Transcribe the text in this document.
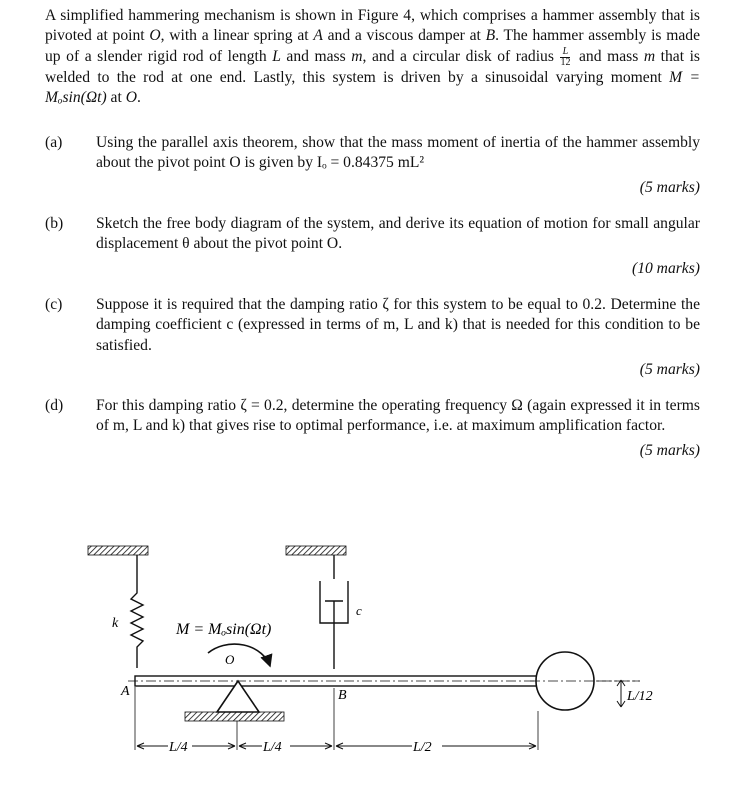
A simplified hammering mechanism is shown in Figure 4, which comprises a hammer assembly that is pivoted at point O, with a linear spring at A and a viscous damper at B. The hammer assembly is made up of a slender rigid rod of length L and mass m, and a circular disk of radius $\frac{L}{12}$ and mass m that is welded to the rod at one end. Lastly, this system is driven by a sinusoidal varying moment M = Mₒsin(Ωt) at O.
(a) Using the parallel axis theorem, show that the mass moment of inertia of the hammer assembly about the pivot point O is given by Iₒ = 0.84375 mL²
(5 marks)
(b) Sketch the free body diagram of the system, and derive its equation of motion for small angular displacement θ about the pivot point O.
(10 marks)
(c) Suppose it is required that the damping ratio ζ for this system to be equal to 0.2. Determine the damping coefficient c (expressed in terms of m, L and k) that is needed for this condition to be satisfied.
(5 marks)
(d) For this damping ratio ζ = 0.2, determine the operating frequency Ω (again expressed it in terms of m, L and k) that gives rise to optimal performance, i.e. at maximum amplification factor.
(5 marks)
k
c
M = Mₒsin(Ωt)
O
A	B	L/12
L/4	L/4	L/2
